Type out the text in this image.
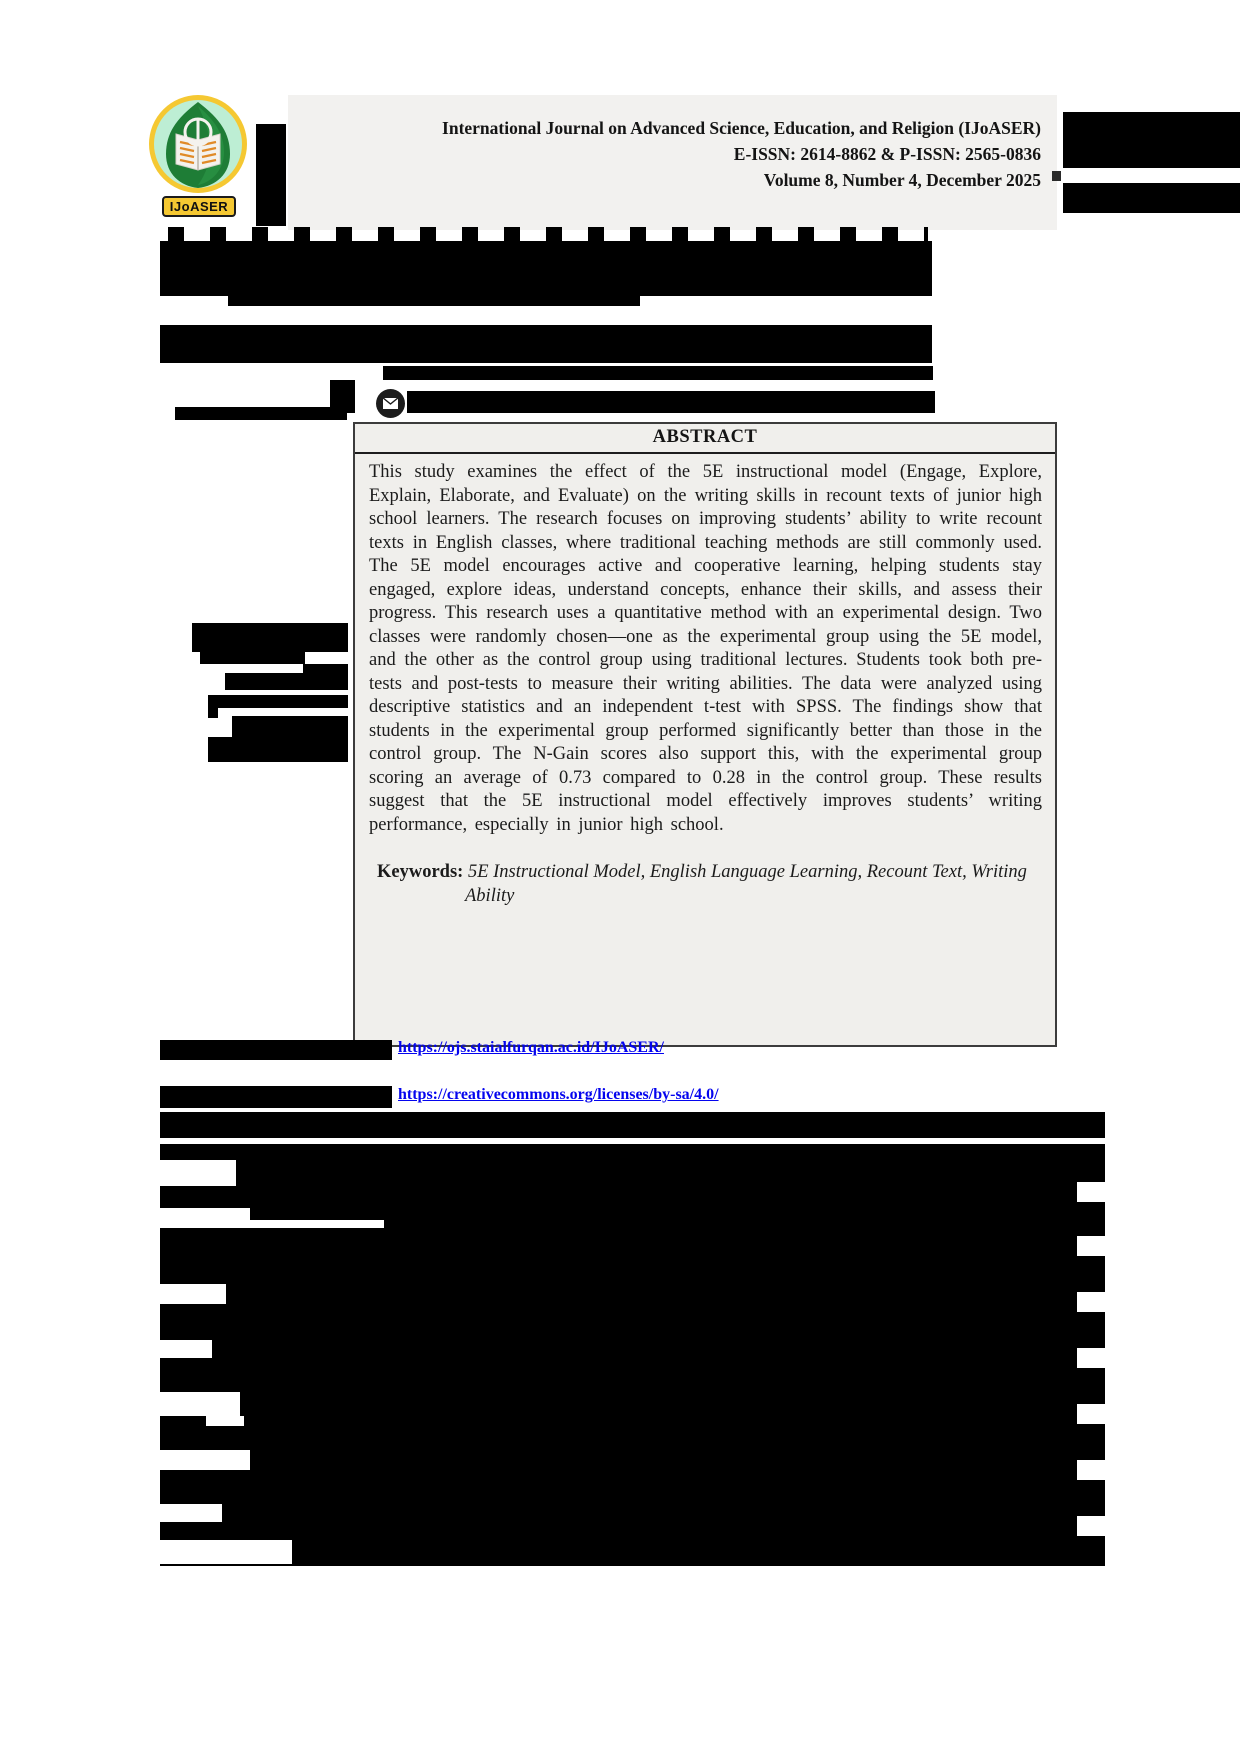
IJoASER
International Journal on Advanced Science, Education, and Religion (IJoASER)
E-ISSN: 2614-8862 & P-ISSN: 2565-0836
Volume 8, Number 4, December 2025
ABSTRACT
This study examines the effect of the 5E instructional model (Engage, Explore, Explain, Elaborate, and Evaluate) on the writing skills in recount texts of junior high school learners. The research focuses on improving students’ ability to write recount texts in English classes, where traditional teaching methods are still commonly used. The 5E model encourages active and cooperative learning, helping students stay engaged, explore ideas, understand concepts, enhance their skills, and assess their progress. This research uses a quantitative method with an experimental design. Two classes were randomly chosen—one as the experimental group using the 5E model, and the other as the control group using traditional lectures. Students took both pre-tests and post-tests to measure their writing abilities. The data were analyzed using descriptive statistics and an independent t-test with SPSS. The findings show that students in the experimental group performed significantly better than those in the control group. The N-Gain scores also support this, with the experimental group scoring an average of 0.73 compared to 0.28 in the control group. These results suggest that the 5E instructional model effectively improves students’ writing performance, especially in junior high school.
Keywords: 5E Instructional Model, English Language Learning, Recount Text, Writing Ability
https://ojs.staialfurqan.ac.id/IJoASER/
https://creativecommons.org/licenses/by-sa/4.0/
